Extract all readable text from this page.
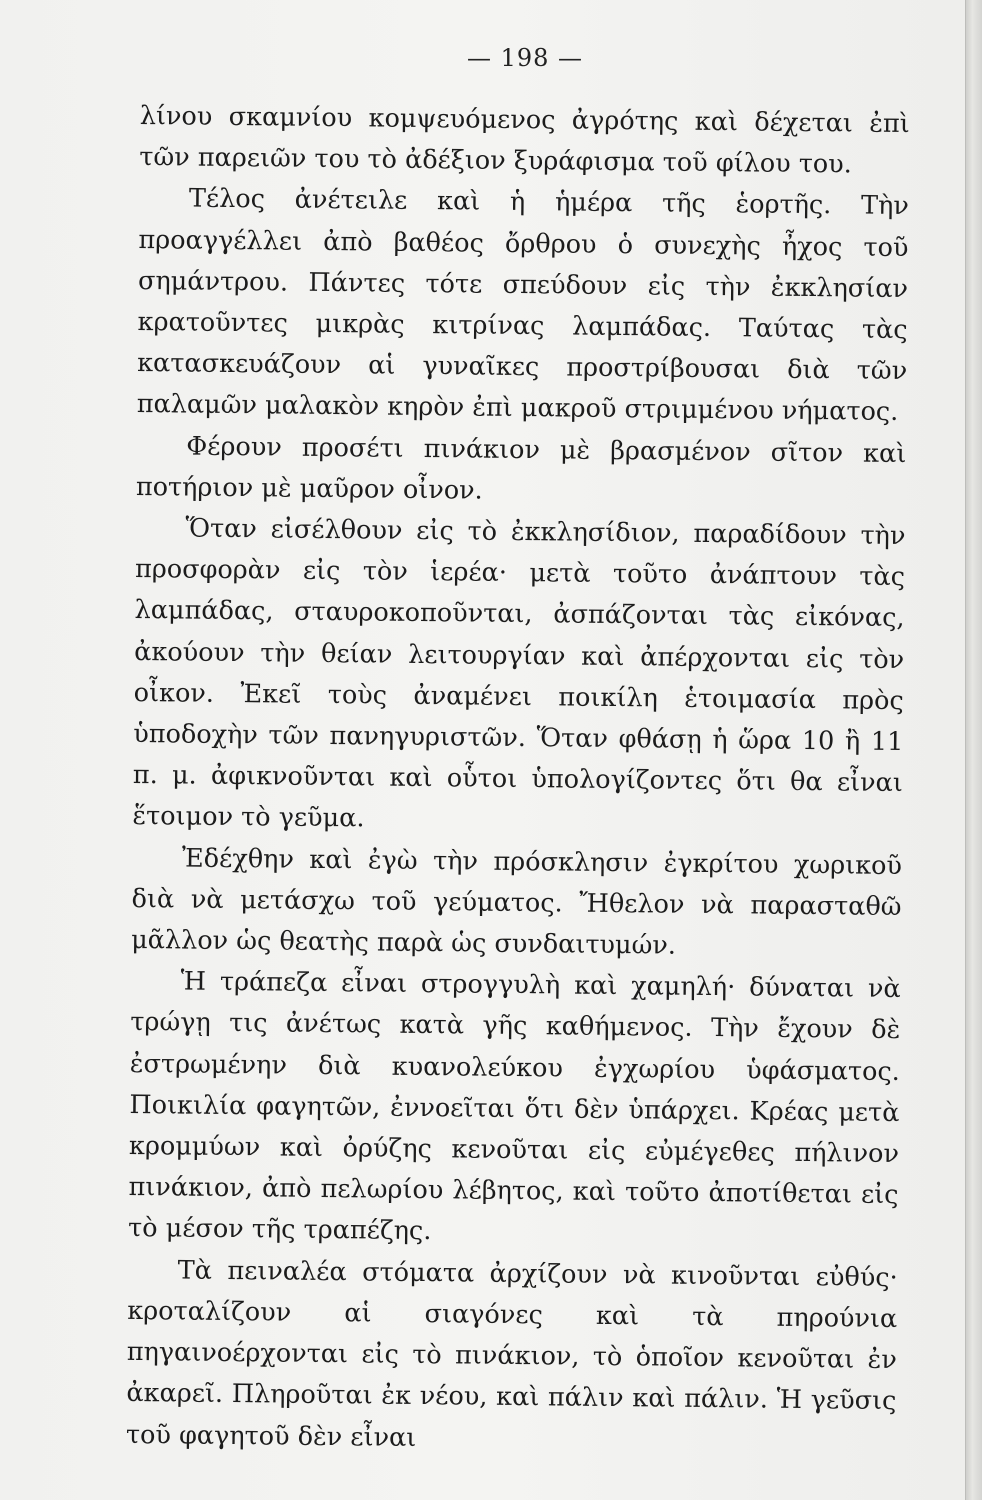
— 198 —

λίνου σκαμνίου κομψευόμενος ἀγρότης καὶ δέχεται ἐπὶ τῶν παρειῶν του τὸ ἀδέξιον ξυράφισμα τοῦ φίλου του.

Τέλος ἀνέτειλε καὶ ἡ ἡμέρα τῆς ἑορτῆς. Τὴν προαγγέλλει ἀπὸ βαθέος ὄρθρου ὁ συνεχὴς ἦχος τοῦ σημάντρου. Πάντες τότε σπεύδουν εἰς τὴν ἐκκλησίαν κρατοῦντες μικρὰς κιτρίνας λαμπάδας. Ταύτας τὰς κατασκευάζουν αἱ γυναῖκες προστρίβουσαι διὰ τῶν παλαμῶν μαλακὸν κηρὸν ἐπὶ μακροῦ στριμμένου νήματος.

Φέρουν προσέτι πινάκιον μὲ βρασμένον σῖτον καὶ ποτήριον μὲ μαῦρον οἶνον.

Ὅταν εἰσέλθουν εἰς τὸ ἐκκλησίδιον, παραδίδουν τὴν προσφορὰν εἰς τὸν ἱερέα· μετὰ τοῦτο ἀνάπτουν τὰς λαμπάδας, σταυροκοποῦνται, ἀσπάζονται τὰς εἰκόνας, ἀκούουν τὴν θείαν λειτουργίαν καὶ ἀπέρχονται εἰς τὸν οἶκον. Ἐκεῖ τοὺς ἀναμένει ποικίλη ἑτοιμασία πρὸς ὑποδοχὴν τῶν πανηγυριστῶν. Ὅταν φθάσῃ ἡ ὥρα 10 ἢ 11 π. μ. ἀφικνοῦνται καὶ οὗτοι ὑπολογίζοντες ὅτι θα εἶναι ἕτοιμον τὸ γεῦμα.

Ἐδέχθην καὶ ἐγὼ τὴν πρόσκλησιν ἐγκρίτου χωρικοῦ διὰ νὰ μετάσχω τοῦ γεύματος. Ἤθελον νὰ παρασταθῶ μᾶλλον ὡς θεατὴς παρὰ ὡς συνδαιτυμών.

Ἡ τράπεζα εἶναι στρογγυλὴ καὶ χαμηλή· δύναται νὰ τρώγῃ τις ἀνέτως κατὰ γῆς καθήμενος. Τὴν ἔχουν δὲ ἐστρωμένην διὰ κυανολεύκου ἐγχωρίου ὑφάσματος. Ποικιλία φαγητῶν, ἐννοεῖται ὅτι δὲν ὑπάρχει. Κρέας μετὰ κρομμύων καὶ ὀρύζης κενοῦται εἰς εὐμέγεθες πήλινον πινάκιον, ἀπὸ πελωρίου λέβητος, καὶ τοῦτο ἀποτίθεται εἰς τὸ μέσον τῆς τραπέζης.

Τὰ πειναλέα στόματα ἀρχίζουν νὰ κινοῦνται εὐθύς· κροταλίζουν αἱ σιαγόνες καὶ τὰ πηρούνια πηγαινοέρχονται εἰς τὸ πινάκιον, τὸ ὁποῖον κενοῦται ἐν ἀκαρεῖ. Πληροῦται ἐκ νέου, καὶ πάλιν καὶ πάλιν. Ἡ γεῦσις τοῦ φαγητοῦ δὲν εἶναι
